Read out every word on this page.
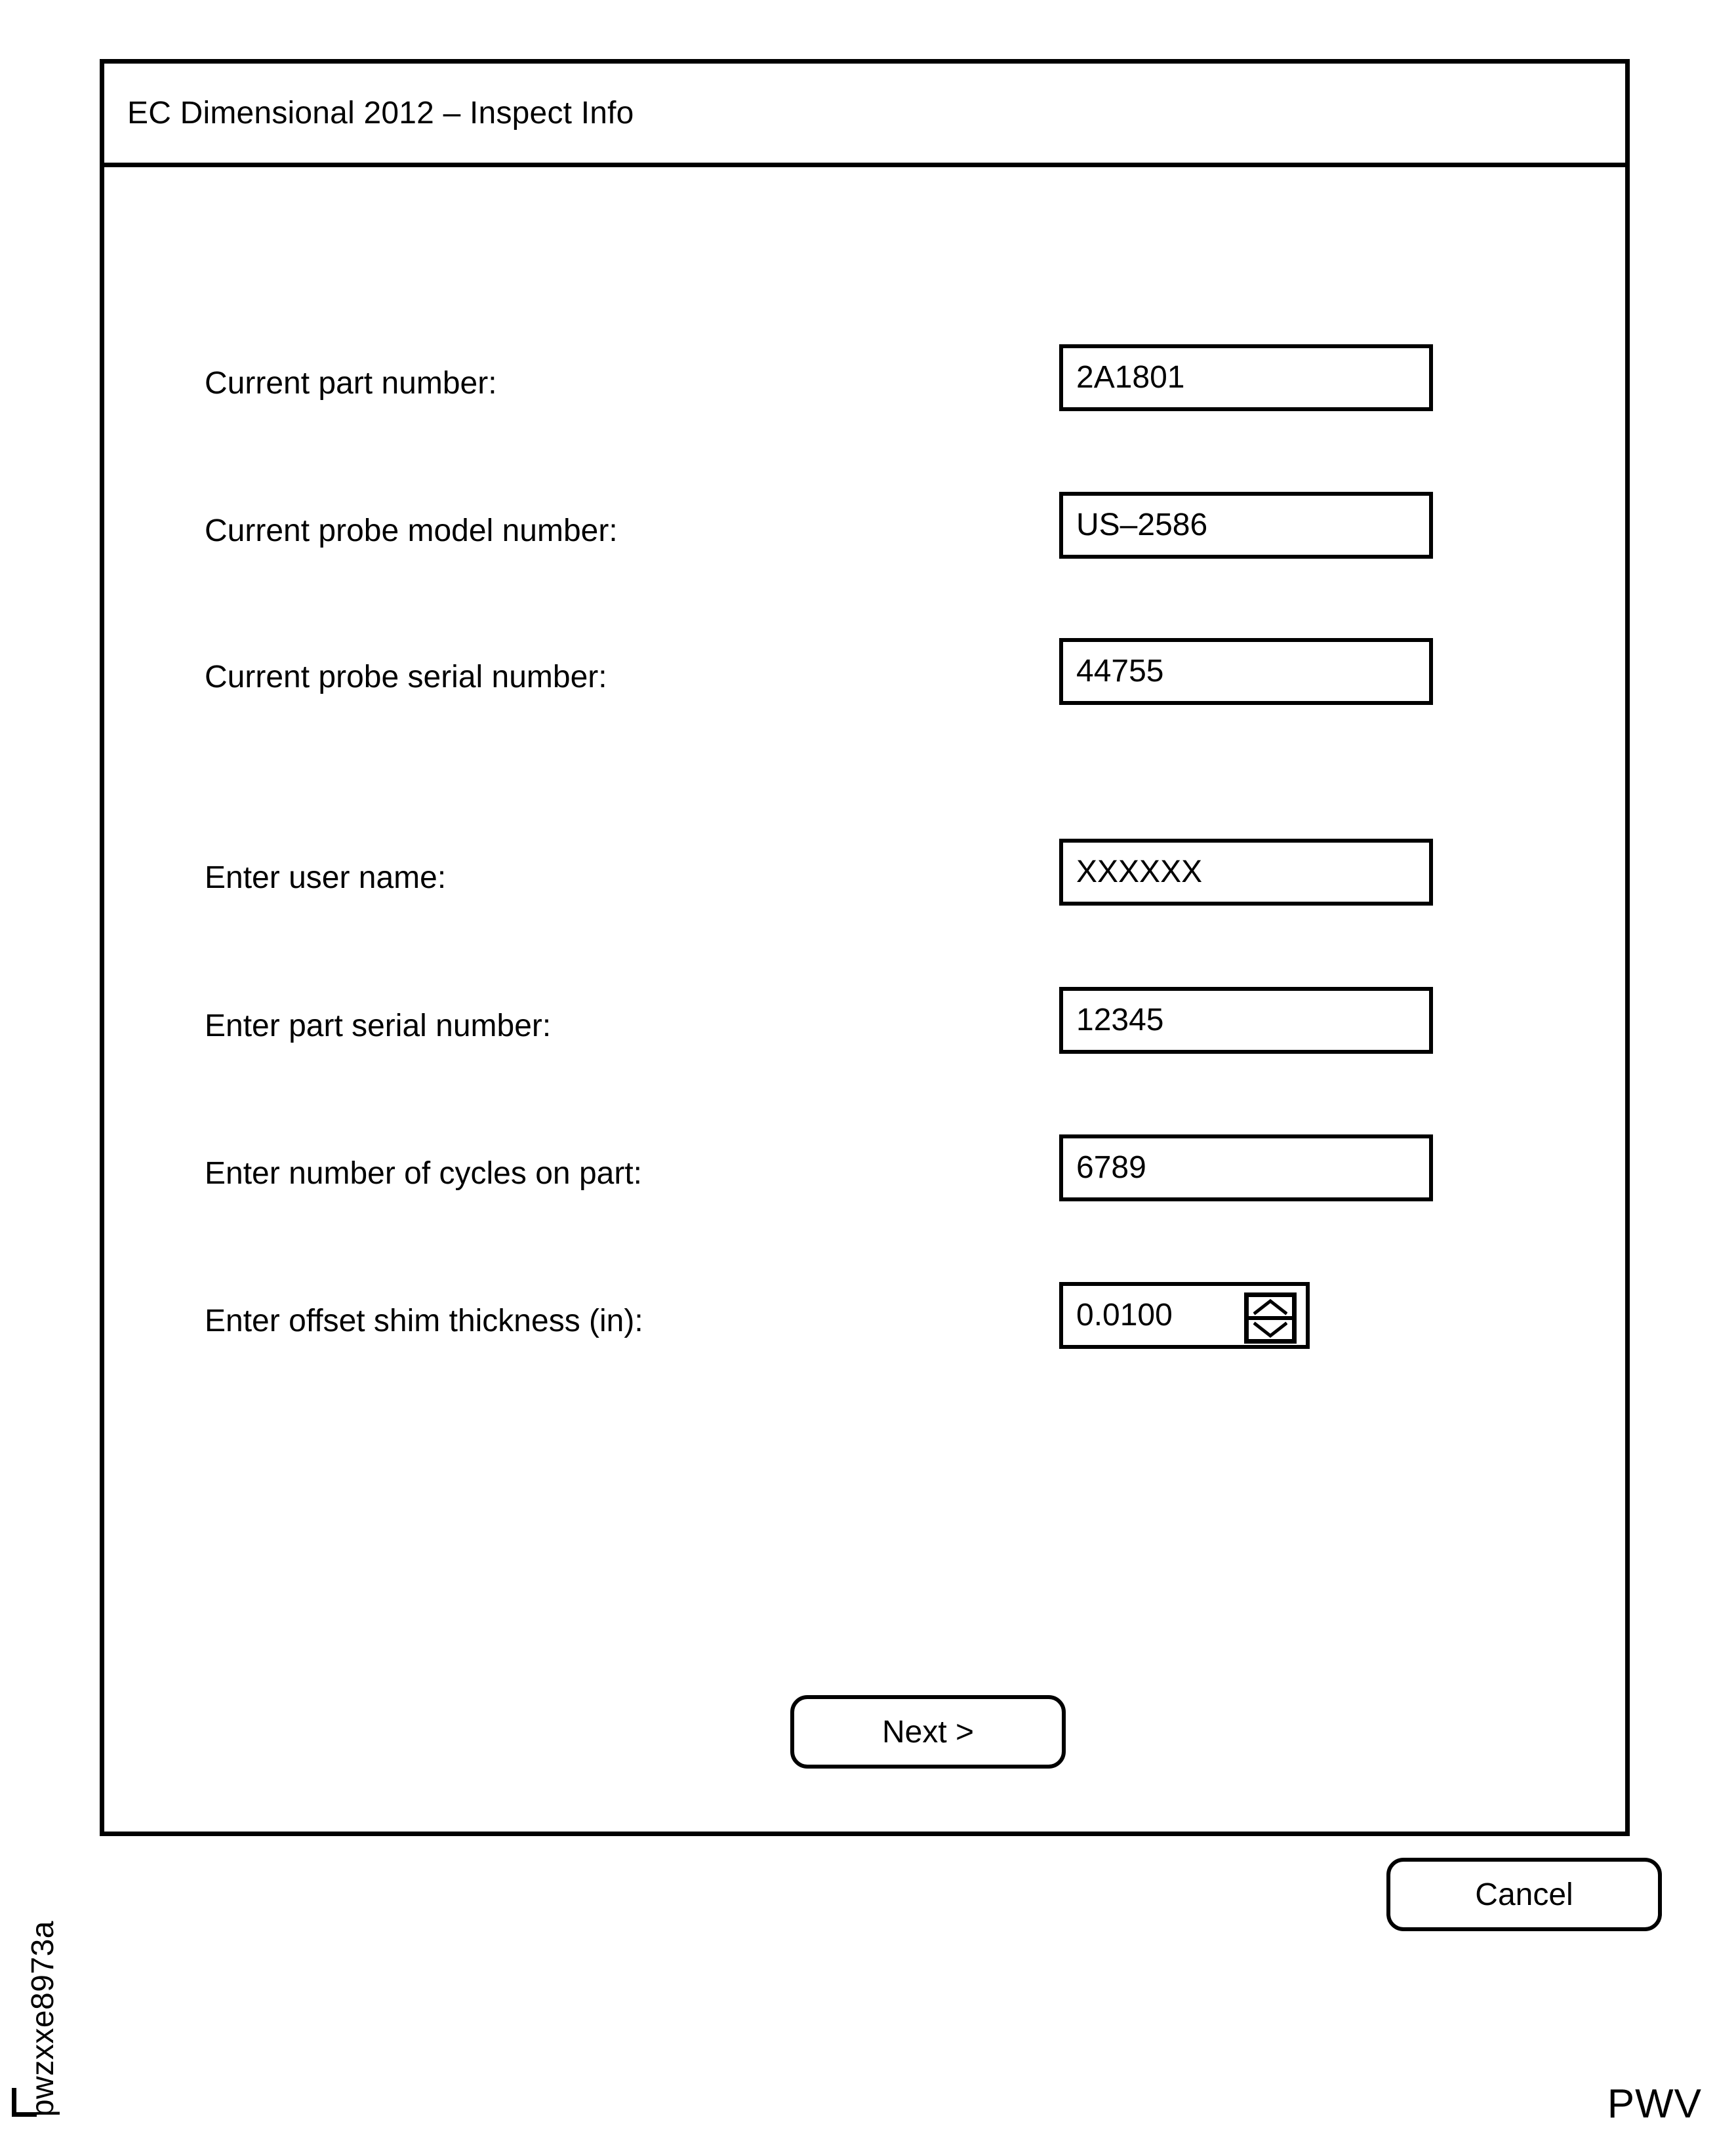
EC Dimensional 2012 – Inspect Info
Current part number:	2A1801
Current probe model number:	US–2586
Current probe serial number:	44755
Enter user name:	XXXXXX
Enter part serial number:	12345
Enter number of cycles on part:	6789
Enter offset shim thickness (in):	0.0100
Next >
Cancel
pwzxxe8973a	PWV
